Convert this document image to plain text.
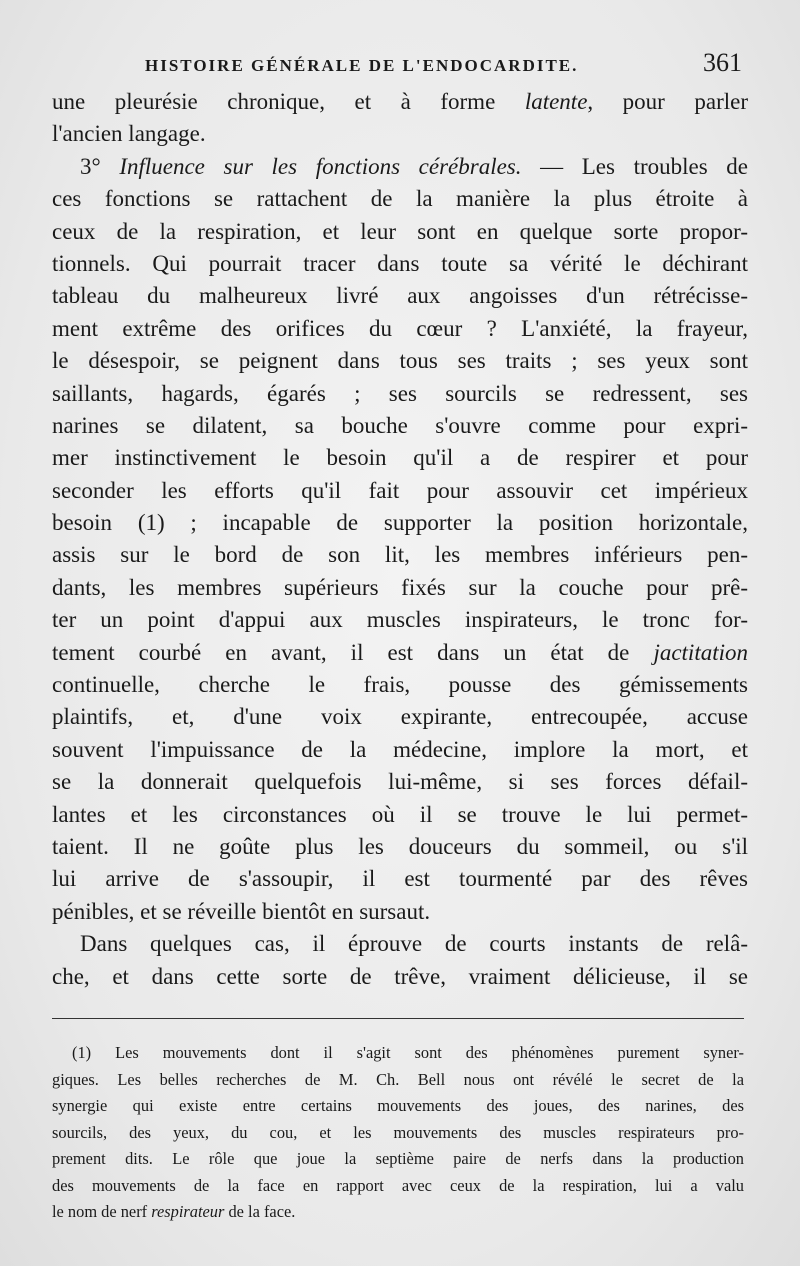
HISTOIRE GÉNÉRALE DE L'ENDOCARDITE.	361
une pleurésie chronique, et à forme latente, pour parler
l'ancien langage.
3° Influence sur les fonctions cérébrales. — Les troubles de
ces fonctions se rattachent de la manière la plus étroite à
ceux de la respiration, et leur sont en quelque sorte propor-
tionnels. Qui pourrait tracer dans toute sa vérité le déchirant
tableau du malheureux livré aux angoisses d'un rétrécisse-
ment extrême des orifices du cœur ? L'anxiété, la frayeur,
le désespoir, se peignent dans tous ses traits ; ses yeux sont
saillants, hagards, égarés ; ses sourcils se redressent, ses
narines se dilatent, sa bouche s'ouvre comme pour expri-
mer instinctivement le besoin qu'il a de respirer et pour
seconder les efforts qu'il fait pour assouvir cet impérieux
besoin (1) ; incapable de supporter la position horizontale,
assis sur le bord de son lit, les membres inférieurs pen-
dants, les membres supérieurs fixés sur la couche pour prê-
ter un point d'appui aux muscles inspirateurs, le tronc for-
tement courbé en avant, il est dans un état de jactitation
continuelle, cherche le frais, pousse des gémissements
plaintifs, et, d'une voix expirante, entrecoupée, accuse
souvent l'impuissance de la médecine, implore la mort, et
se la donnerait quelquefois lui-même, si ses forces défail-
lantes et les circonstances où il se trouve le lui permet-
taient. Il ne goûte plus les douceurs du sommeil, ou s'il
lui arrive de s'assoupir, il est tourmenté par des rêves
pénibles, et se réveille bientôt en sursaut.
Dans quelques cas, il éprouve de courts instants de relâ-
che, et dans cette sorte de trêve, vraiment délicieuse, il se
(1) Les mouvements dont il s'agit sont des phénomènes purement syner-
giques. Les belles recherches de M. Ch. Bell nous ont révélé le secret de la
synergie qui existe entre certains mouvements des joues, des narines, des
sourcils, des yeux, du cou, et les mouvements des muscles respirateurs pro-
prement dits. Le rôle que joue la septième paire de nerfs dans la production
des mouvements de la face en rapport avec ceux de la respiration, lui a valu
le nom de nerf respirateur de la face.
